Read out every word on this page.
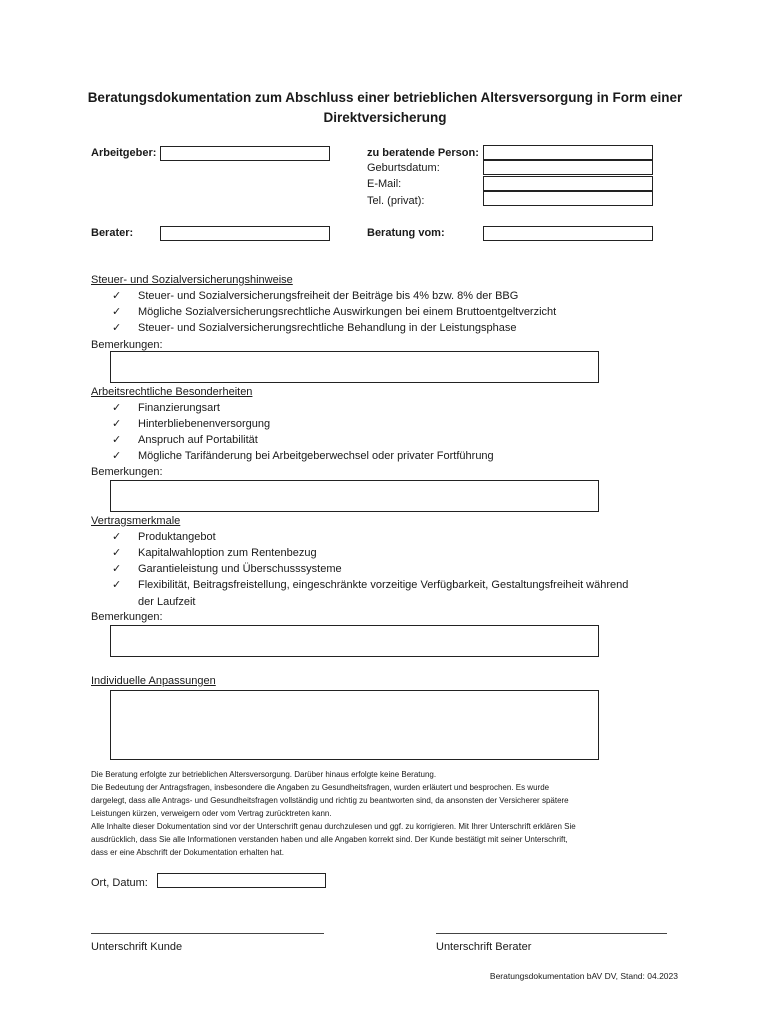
Beratungsdokumentation zum Abschluss einer betrieblichen Altersversorgung in Form einer Direktversicherung
Arbeitgeber:	zu beratende Person:
Geburtsdatum:
E-Mail:
Tel. (privat):
Berater:	Beratung vom:
Steuer- und Sozialversicherungshinweise
✓ Steuer- und Sozialversicherungsfreiheit der Beiträge bis 4% bzw. 8% der BBG
✓ Mögliche Sozialversicherungsrechtliche Auswirkungen bei einem Bruttoentgeltverzicht
✓ Steuer- und Sozialversicherungsrechtliche Behandlung in der Leistungsphase
Bemerkungen:
Arbeitsrechtliche Besonderheiten
✓ Finanzierungsart
✓ Hinterbliebenenversorgung
✓ Anspruch auf Portabilität
✓ Mögliche Tarifänderung bei Arbeitgeberwechsel oder privater Fortführung
Bemerkungen:
Vertragsmerkmale
✓ Produktangebot
✓ Kapitalwahloption zum Rentenbezug
✓ Garantieleistung und Überschusssysteme
✓ Flexibilität, Beitragsfreistellung, eingeschränkte vorzeitige Verfügbarkeit, Gestaltungsfreiheit während
der Laufzeit
Bemerkungen:
Individuelle Anpassungen
Die Beratung erfolgte zur betrieblichen Altersversorgung. Darüber hinaus erfolgte keine Beratung.
Die Bedeutung der Antragsfragen, insbesondere die Angaben zu Gesundheitsfragen, wurden erläutert und besprochen. Es wurde
dargelegt, dass alle Antrags- und Gesundheitsfragen vollständig und richtig zu beantworten sind, da ansonsten der Versicherer spätere
Leistungen kürzen, verweigern oder vom Vertrag zurücktreten kann.
Alle Inhalte dieser Dokumentation sind vor der Unterschrift genau durchzulesen und ggf. zu korrigieren. Mit Ihrer Unterschrift erklären Sie
ausdrücklich, dass Sie alle Informationen verstanden haben und alle Angaben korrekt sind. Der Kunde bestätigt mit seiner Unterschrift,
dass er eine Abschrift der Dokumentation erhalten hat.
Ort, Datum:
Unterschrift Kunde	Unterschrift Berater
Beratungsdokumentation bAV DV, Stand: 04.2023
